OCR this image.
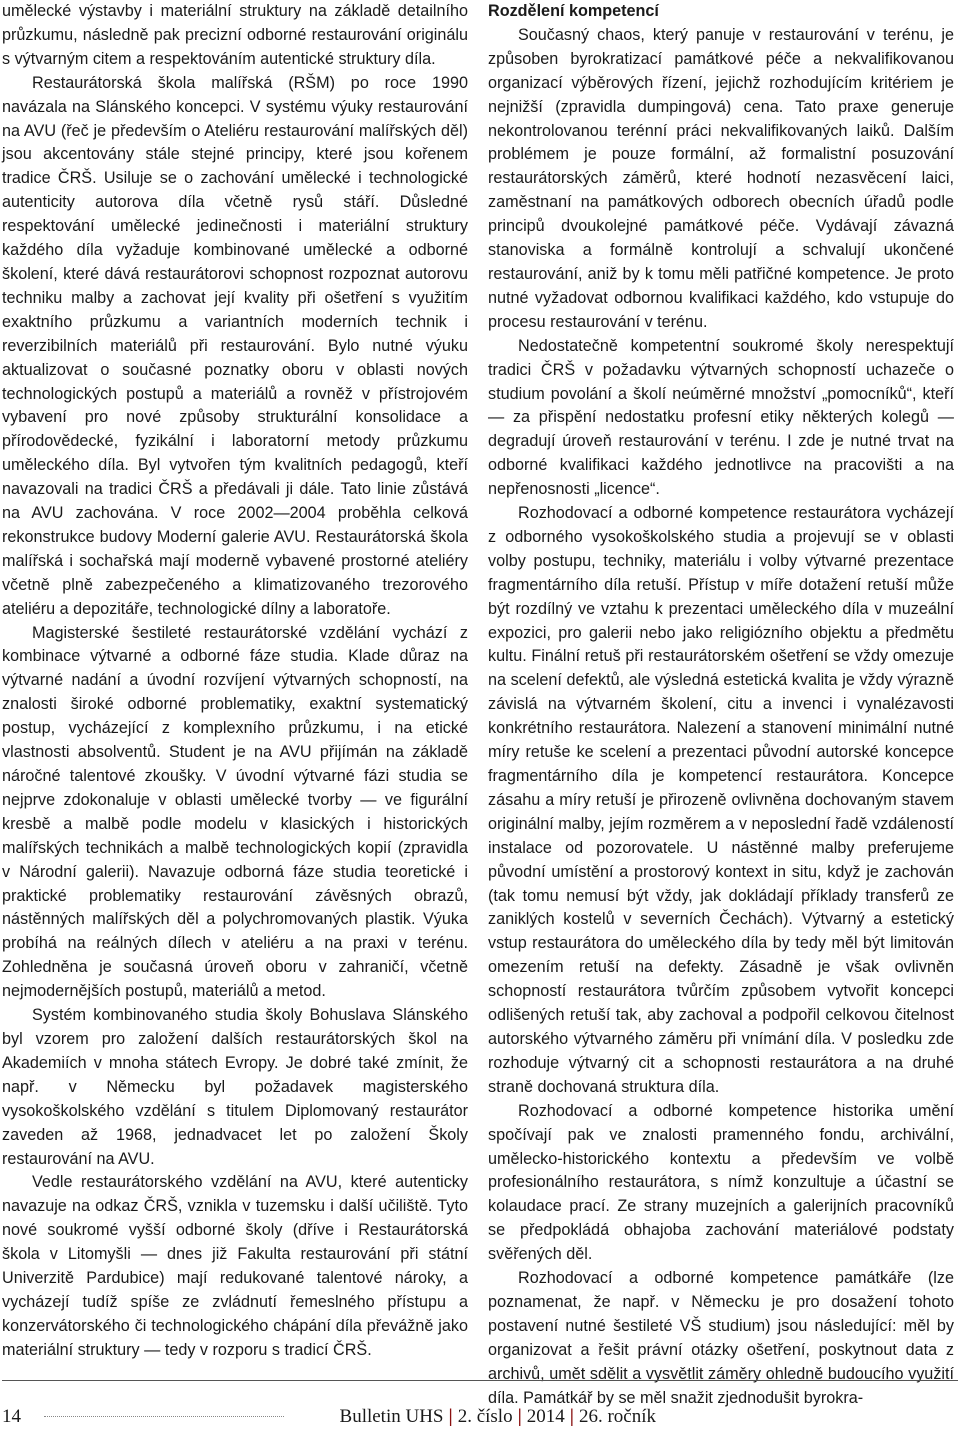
umělecké výstavby i materiální struktury na základě detailního průzkumu, následně pak precizní odborné restaurování originálu s výtvarným citem a respektováním autentické struktury díla.

Restaurátorská škola malířská (RŠM) po roce 1990 navázala na Slánského koncepci. V systému výuky restaurování na AVU (řeč je především o Ateliéru restaurování malířských děl) jsou akcentovány stále stejné principy, které jsou kořenem tradice ČRŠ. Usiluje se o zachování umělecké i technologické autenticity autorova díla včetně rysů stáří. Důsledné respektování umělecké jedinečnosti i materiální struktury každého díla vyžaduje kombinované umělecké a odborné školení, které dává restaurátorovi schopnost rozpoznat autorovu techniku malby a zachovat její kvality při ošetření s využitím exaktního průzkumu a variantních moderních technik i reverzibilních materiálů při restaurování. Bylo nutné výuku aktualizovat o současné poznatky oboru v oblasti nových technologických postupů a materiálů a rovněž v přístrojovém vybavení pro nové způsoby strukturální konsolidace a přírodovědecké, fyzikální i laboratorní metody průzkumu uměleckého díla. Byl vytvořen tým kvalitních pedagogů, kteří navazovali na tradici ČRŠ a předávali ji dále. Tato linie zůstává na AVU zachována. V roce 2002—2004 proběhla celková rekonstrukce budovy Moderní galerie AVU. Restaurátorská škola malířská i sochařská mají moderně vybavené prostorné ateliéry včetně plně zabezpečeného a klimatizovaného trezorového ateliéru a depozitáře, technologické dílny a laboratoře.

Magisterské šestileté restaurátorské vzdělání vychází z kombinace výtvarné a odborné fáze studia. Klade důraz na výtvarné nadání a úvodní rozvíjení výtvarných schopností, na znalosti široké odborné problematiky, exaktní systematický postup, vycházející z komplexního průzkumu, i na etické vlastnosti absolventů. Student je na AVU přijímán na základě náročné talentové zkoušky. V úvodní výtvarné fázi studia se nejprve zdokonaluje v oblasti umělecké tvorby — ve figurální kresbě a malbě podle modelu v klasických i historických malířských technikách a malbě technologických kopií (zpravidla v Národní galerii). Navazuje odborná fáze studia teoretické i praktické problematiky restaurování závěsných obrazů, nástěnných malířských děl a polychromovaných plastik. Výuka probíhá na reálných dílech v ateliéru a na praxi v terénu. Zohledněna je současná úroveň oboru v zahraničí, včetně nejmodernějších postupů, materiálů a metod.

Systém kombinovaného studia školy Bohuslava Slánského byl vzorem pro založení dalších restaurátorských škol na Akademiích v mnoha státech Evropy. Je dobré také zmínit, že např. v Německu byl požadavek magisterského vysokoškolského vzdělání s titulem Diplomovaný restaurátor zaveden až 1968, jednadvacet let po založení Školy restaurování na AVU.

Vedle restaurátorského vzdělání na AVU, které autenticky navazuje na odkaz ČRŠ, vznikla v tuzemsku i další učiliště. Tyto nové soukromé vyšší odborné školy (dříve i Restaurátorská škola v Litomyšli — dnes již Fakulta restaurování při státní Univerzitě Pardubice) mají redukované talentové nároky, a vycházejí tudíž spíše ze zvládnutí řemeslného přístupu a konzervátorského či technologického chápání díla převážně jako materiální struktury — tedy v rozporu s tradicí ČRŠ.

Rozdělení kompetencí

Současný chaos, který panuje v restaurování v terénu, je způsoben byrokratizací památkové péče a nekvalifikovanou organizací výběrových řízení, jejichž rozhodujícím kritériem je nejnižší (zpravidla dumpingová) cena. Tato praxe generuje nekontrolovanou terénní práci nekvalifikovaných laiků. Dalším problémem je pouze formální, až formalistní posuzování restaurátorských záměrů, které hodnotí nezasvěcení laici, zaměstnaní na památkových odborech obecních úřadů podle principů dvoukolejné památkové péče. Vydávají závazná stanoviska a formálně kontrolují a schvalují ukončené restaurování, aniž by k tomu měli patřičné kompetence. Je proto nutné vyžadovat odbornou kvalifikaci každého, kdo vstupuje do procesu restaurování v terénu.

Nedostatečně kompetentní soukromé školy nerespektují tradici ČRŠ v požadavku výtvarných schopností uchazeče o studium povolání a školí neúměrné množství „pomocníků“, kteří — za přispění nedostatku profesní etiky některých kolegů — degradují úroveň restaurování v terénu. I zde je nutné trvat na odborné kvalifikaci každého jednotlivce na pracovišti a na nepřenosnosti „licence“.

Rozhodovací a odborné kompetence restaurátora vycházejí z odborného vysokoškolského studia a projevují se v oblasti volby postupu, techniky, materiálu i volby výtvarné prezentace fragmentárního díla retuší. Přístup v míře dotažení retuší může být rozdílný ve vztahu k prezentaci uměleckého díla v muzeální expozici, pro galerii nebo jako religiózního objektu a předmětu kultu. Finální retuš při restaurátorském ošetření se vždy omezuje na scelení defektů, ale výsledná estetická kvalita je vždy výrazně závislá na výtvarném školení, citu a invenci i vynalézavosti konkrétního restaurátora. Nalezení a stanovení minimální nutné míry retuše ke scelení a prezentaci původní autorské koncepce fragmentárního díla je kompetencí restaurátora. Koncepce zásahu a míry retuší je přirozeně ovlivněna dochovaným stavem originální malby, jejím rozměrem a v neposlední řadě vzdáleností instalace od pozorovatele. U nástěnné malby preferujeme původní umístění a prostorový kontext in situ, když je zachován (tak tomu nemusí být vždy, jak dokládají příklady transferů ze zaniklých kostelů v severních Čechách). Výtvarný a estetický vstup restaurátora do uměleckého díla by tedy měl být limitován omezením retuší na defekty. Zásadně je však ovlivněn schopností restaurátora tvůrčím způsobem vytvořit koncepci odlišených retuší tak, aby zachoval a podpořil celkovou čitelnost autorského výtvarného záměru při vnímání díla. V posledku zde rozhoduje výtvarný cit a schopnosti restaurátora a na druhé straně dochovaná struktura díla.

Rozhodovací a odborné kompetence historika umění spočívají pak ve znalosti pramenného fondu, archivální, umělecko-historického kontextu a především ve volbě profesionálního restaurátora, s nímž konzultuje a účastní se kolaudace prací. Ze strany muzejních a galerijních pracovníků se předpokládá obhajoba zachování materiálové podstaty svěřených děl.

Rozhodovací a odborné kompetence památkáře (lze poznamenat, že např. v Německu je pro dosažení tohoto postavení nutné šestileté VŠ studium) jsou následující: měl by organizovat a řešit právní otázky ošetření, poskytnout data z archivů, umět sdělit a vysvětlit záměry ohledně budoucího využití díla. Památkář by se měl snažit zjednodušit byrokra-

14	Bulletin UHS | 2. číslo | 2014 | 26. ročník
